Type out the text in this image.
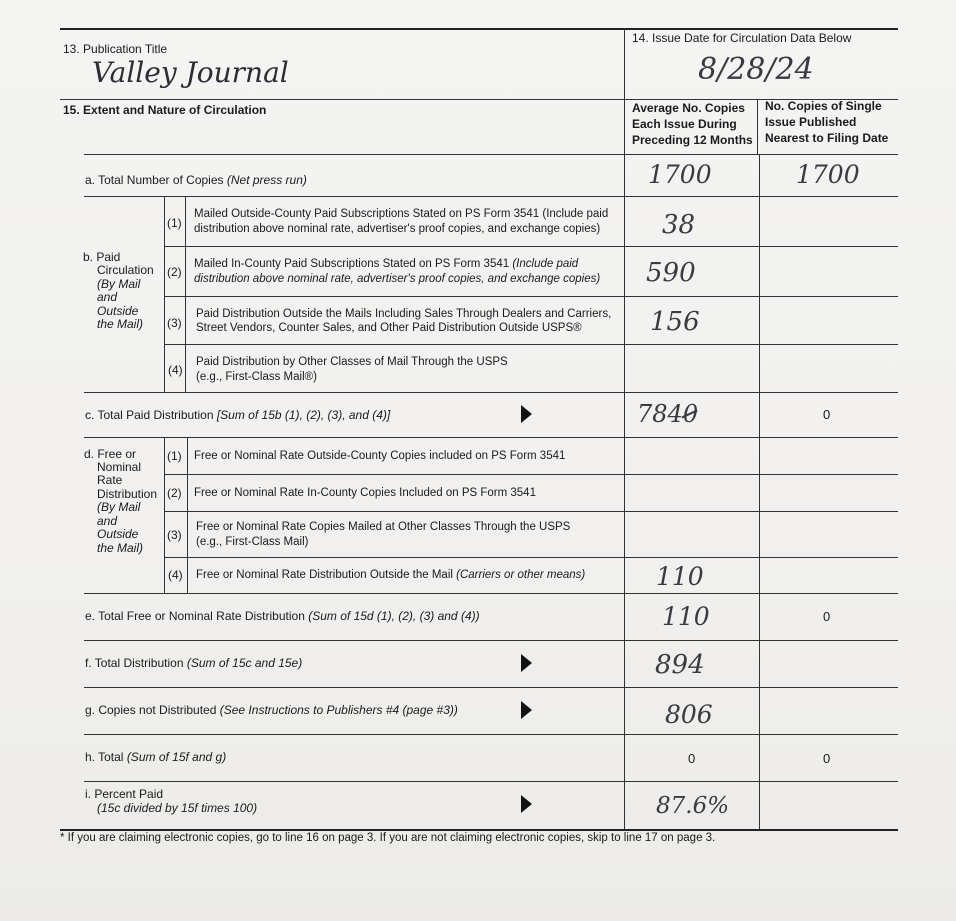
13. Publication Title
Valley Journal
14. Issue Date for Circulation Data Below
8/28/24
15. Extent and Nature of Circulation	Average No. Copies
Each Issue During
Preceding 12 Months
No. Copies of Single
Issue Published
Nearest to Filing Date
a. Total Number of Copies (Net press run)	1700	1700
b. Paid
Circulation
(By Mail
and
Outside
the Mail)
(1)
Mailed Outside-County Paid Subscriptions Stated on PS Form 3541 (Include paid
distribution above nominal rate, advertiser's proof copies, and exchange copies) 38
(2)
Mailed In-County Paid Subscriptions Stated on PS Form 3541 (Include paid
distribution above nominal rate, advertiser's proof copies, and exchange copies) 590
(3)
Paid Distribution Outside the Mails Including Sales Through Dealers and Carriers,
Street Vendors, Counter Sales, and Other Paid Distribution Outside USPS®	156
(4)
Paid Distribution by Other Classes of Mail Through the USPS
(e.g., First-Class Mail®)
c. Total Paid Distribution [Sum of 15b (1), (2), (3), and (4)]	7840	0
d. Free or
Nominal
Rate
Distribution
(By Mail
and
Outside
the Mail)
(1) Free or Nominal Rate Outside-County Copies included on PS Form 3541
(2) Free or Nominal Rate In-County Copies Included on PS Form 3541
(3)
Free or Nominal Rate Copies Mailed at Other Classes Through the USPS
(e.g., First-Class Mail)
(4) Free or Nominal Rate Distribution Outside the Mail (Carriers or other means)	110
e. Total Free or Nominal Rate Distribution (Sum of 15d (1), (2), (3) and (4))	110	0
f. Total Distribution (Sum of 15c and 15e)	894
g. Copies not Distributed (See Instructions to Publishers #4 (page #3))	806
h. Total (Sum of 15f and g)	0	0
i. Percent Paid
(15c divided by 15f times 100)	87.6%
* If you are claiming electronic copies, go to line 16 on page 3. If you are not claiming electronic copies, skip to line 17 on page 3.
